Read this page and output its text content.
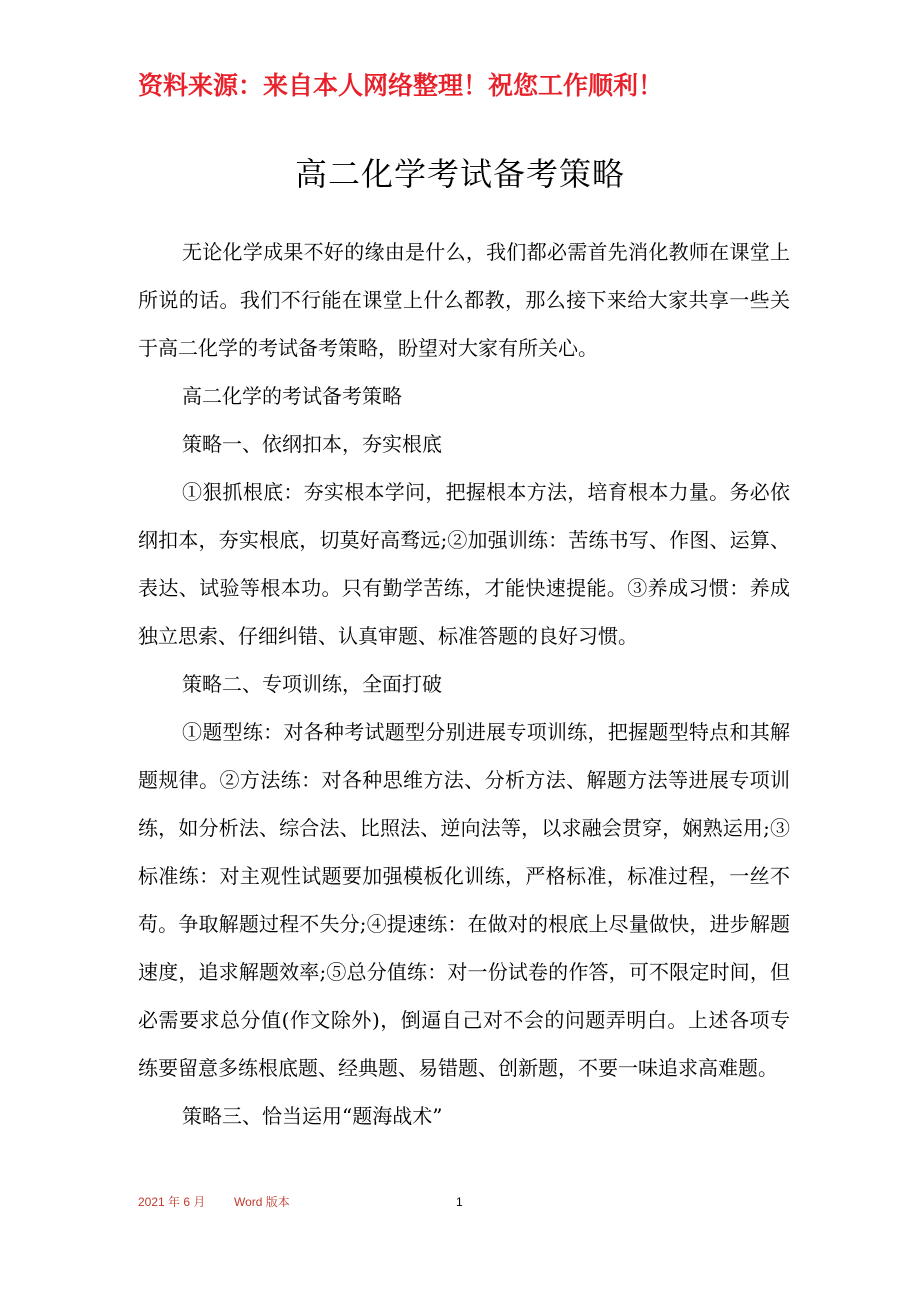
资料来源：来自本人网络整理！祝您工作顺利！
高二化学考试备考策略

无论化学成果不好的缘由是什么，我们都必需首先消化教师在课堂上所说的话。我们不行能在课堂上什么都教，那么接下来给大家共享一些关于高二化学的考试备考策略，盼望对大家有所关心。

高二化学的考试备考策略

策略一、依纲扣本，夯实根底

①狠抓根底：夯实根本学问，把握根本方法，培育根本力量。务必依纲扣本，夯实根底，切莫好高骛远;②加强训练：苦练书写、作图、运算、表达、试验等根本功。只有勤学苦练，才能快速提能。③养成习惯：养成独立思索、仔细纠错、认真审题、标准答题的良好习惯。

策略二、专项训练，全面打破

①题型练：对各种考试题型分别进展专项训练，把握题型特点和其解题规律。②方法练：对各种思维方法、分析方法、解题方法等进展专项训练，如分析法、综合法、比照法、逆向法等，以求融会贯穿，娴熟运用;③标准练：对主观性试题要加强模板化训练，严格标准，标准过程，一丝不苟。争取解题过程不失分;④提速练：在做对的根底上尽量做快，进步解题速度，追求解题效率;⑤总分值练：对一份试卷的作答，可不限定时间，但必需要求总分值(作文除外)，倒逼自己对不会的问题弄明白。上述各项专练要留意多练根底题、经典题、易错题、创新题，不要一味追求高难题。

策略三、恰当运用“题海战术”

2021 年 6 月 Word 版本	1
